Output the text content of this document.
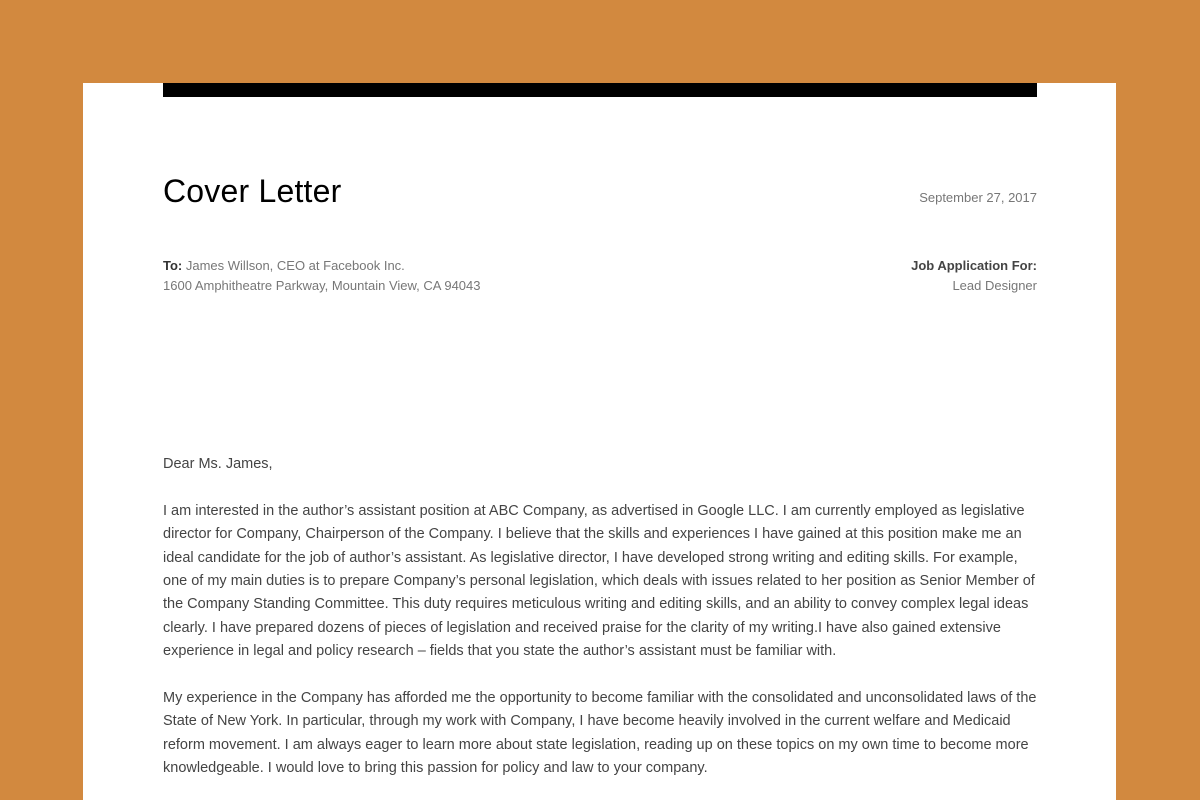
Cover Letter	September 27, 2017
To: James Willson, CEO at Facebook Inc.
1600 Amphitheatre Parkway, Mountain View, CA 94043
Job Application For:
Lead Designer

Dear Ms. James,

I am interested in the author’s assistant position at ABC Company, as advertised in Google LLC. I am currently employed as legislative director for Company, Chairperson of the Company. I believe that the skills and experiences I have gained at this position make me an ideal candidate for the job of author’s assistant. As legislative director, I have developed strong writing and editing skills. For example, one of my main duties is to prepare Company’s personal legislation, which deals with issues related to her position as Senior Member of the Company Standing Committee. This duty requires meticulous writing and editing skills, and an ability to convey complex legal ideas clearly. I have prepared dozens of pieces of legislation and received praise for the clarity of my writing.I have also gained extensive experience in legal and policy research – fields that you state the author’s assistant must be familiar with.

My experience in the Company has afforded me the opportunity to become familiar with the consolidated and unconsolidated laws of the State of New York. In particular, through my work with Company, I have become heavily involved in the current welfare and Medicaid reform movement. I am always eager to learn more about state legislation, reading up on these topics on my own time to become more knowledgeable. I would love to bring this passion for policy and law to your company.
